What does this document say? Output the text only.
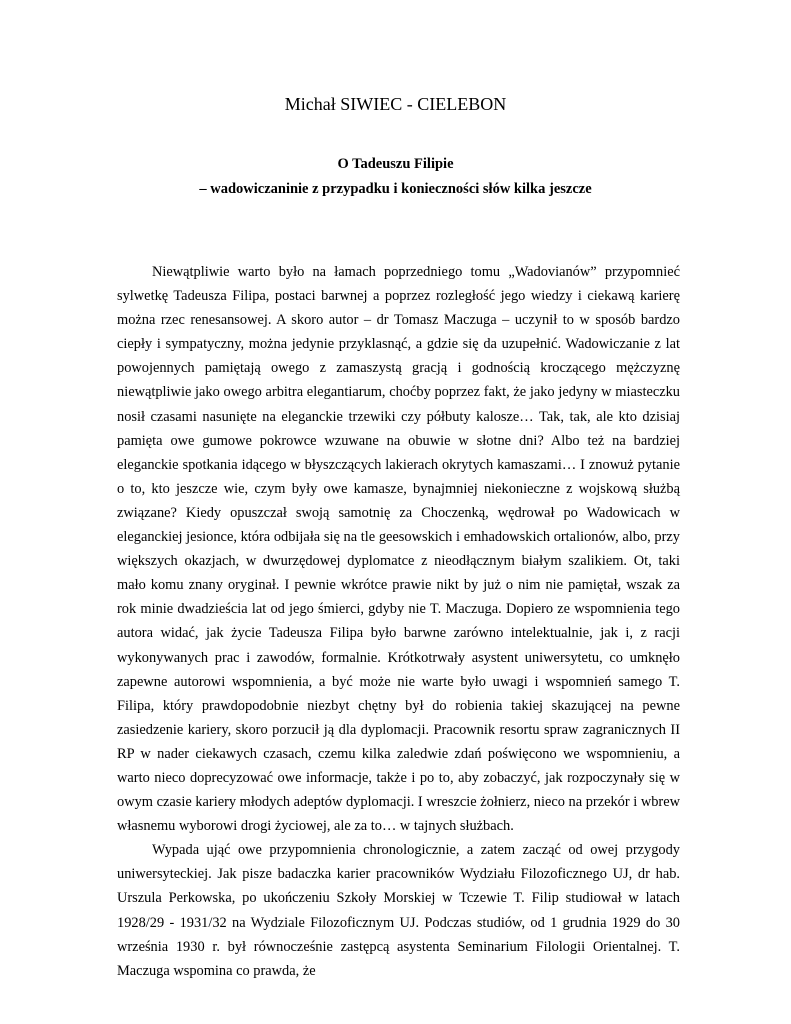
Michał SIWIEC - CIELEBON
O Tadeuszu Filipie
– wadowiczaninie z przypadku i konieczności słów kilka jeszcze

Niewątpliwie warto było na łamach poprzedniego tomu „Wadovianów” przypomnieć sylwetkę Tadeusza Filipa, postaci barwnej a poprzez rozległość jego wiedzy i ciekawą karierę można rzec renesansowej. A skoro autor – dr Tomasz Maczuga – uczynił to w sposób bardzo ciepły i sympatyczny, można jedynie przyklasnąć, a gdzie się da uzupełnić. Wadowiczanie z lat powojennych pamiętają owego z zamaszystą gracją i godnością kroczącego mężczyznę niewątpliwie jako owego arbitra elegantiarum, choćby poprzez fakt, że jako jedyny w miasteczku nosił czasami nasunięte na eleganckie trzewiki czy półbuty kalosze… Tak, tak, ale kto dzisiaj pamięta owe gumowe pokrowce wzuwane na obuwie w słotne dni? Albo też na bardziej eleganckie spotkania idącego w błyszczących lakierach okrytych kamaszami… I znowuż pytanie o to, kto jeszcze wie, czym były owe kamasze, bynajmniej niekonieczne z wojskową służbą związane? Kiedy opuszczał swoją samotnię za Choczenką, wędrował po Wadowicach w eleganckiej jesionce, która odbijała się na tle geesowskich i emhadowskich ortalionów, albo, przy większych okazjach, w dwurzędowej dyplomatce z nieodłącznym białym szalikiem. Ot, taki mało komu znany oryginał. I pewnie wkrótce prawie nikt by już o nim nie pamiętał, wszak za rok minie dwadzieścia lat od jego śmierci, gdyby nie T. Maczuga. Dopiero ze wspomnienia tego autora widać, jak życie Tadeusza Filipa było barwne zarówno intelektualnie, jak i, z racji wykonywanych prac i zawodów, formalnie. Krótkotrwały asystent uniwersytetu, co umknęło zapewne autorowi wspomnienia, a być może nie warte było uwagi i wspomnień samego T. Filipa, który prawdopodobnie niezbyt chętny był do robienia takiej skazującej na pewne zasiedzenie kariery, skoro porzucił ją dla dyplomacji. Pracownik resortu spraw zagranicznych II RP w nader ciekawych czasach, czemu kilka zaledwie zdań poświęcono we wspomnieniu, a warto nieco doprecyzować owe informacje, także i po to, aby zobaczyć, jak rozpoczynały się w owym czasie kariery młodych adeptów dyplomacji. I wreszcie żołnierz, nieco na przekór i wbrew własnemu wyborowi drogi życiowej, ale za to… w tajnych służbach.

Wypada ująć owe przypomnienia chronologicznie, a zatem zacząć od owej przygody uniwersyteckiej. Jak pisze badaczka karier pracowników Wydziału Filozoficznego UJ, dr hab. Urszula Perkowska, po ukończeniu Szkoły Morskiej w Tczewie T. Filip studiował w latach 1928/29 - 1931/32 na Wydziale Filozoficznym UJ. Podczas studiów, od 1 grudnia 1929 do 30 września 1930 r. był równocześnie zastępcą asystenta Seminarium Filologii Orientalnej. T. Maczuga wspomina co prawda, że
